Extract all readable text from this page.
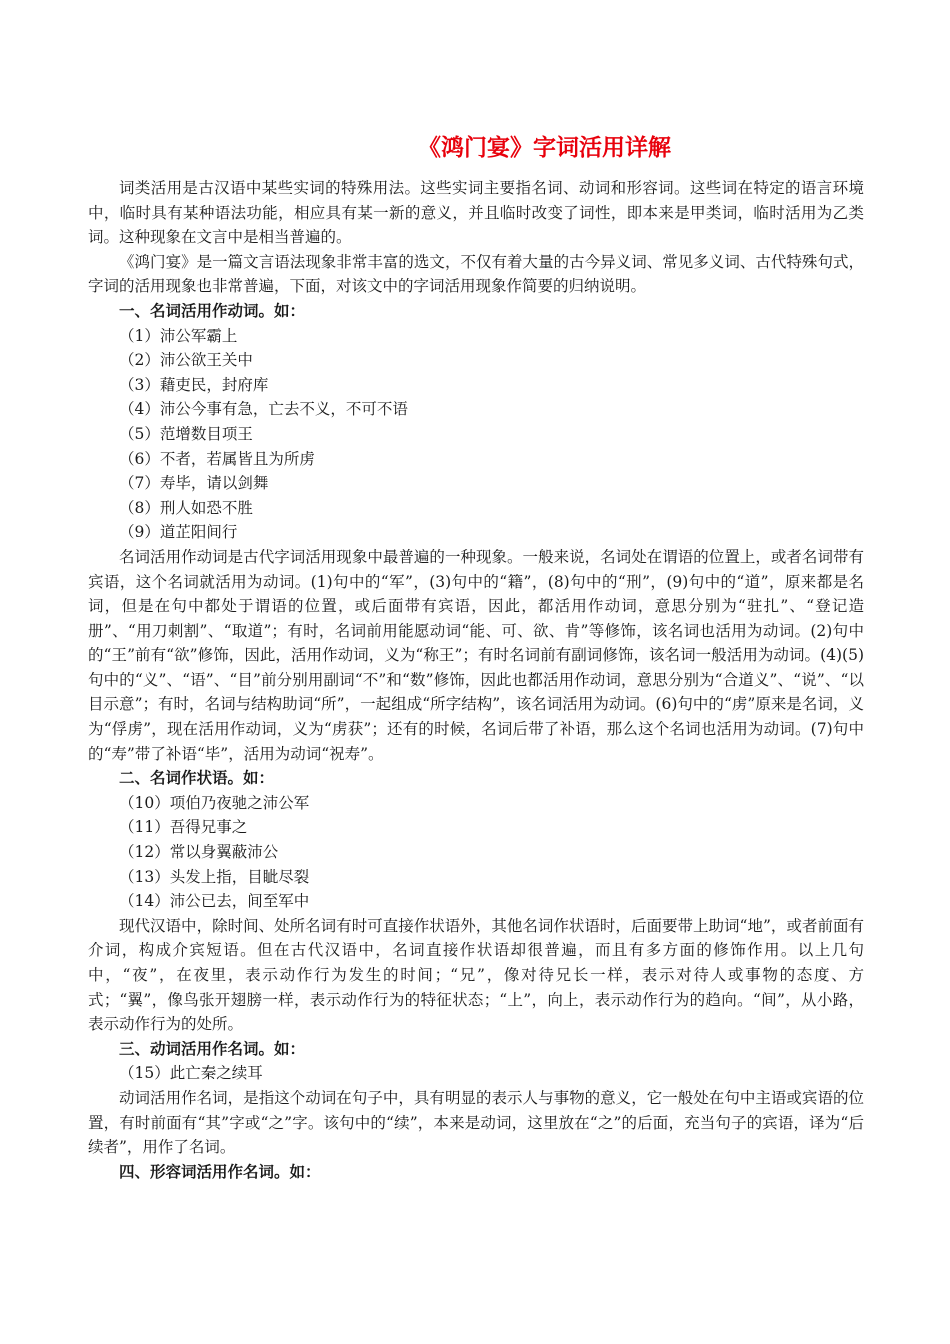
《鸿门宴》字词活用详解

词类活用是古汉语中某些实词的特殊用法。这些实词主要指名词、动词和形容词。这些词在特定的语言环境中，临时具有某种语法功能，相应具有某一新的意义，并且临时改变了词性，即本来是甲类词，临时活用为乙类词。这种现象在文言中是相当普遍的。

《鸿门宴》是一篇文言语法现象非常丰富的选文，不仅有着大量的古今异义词、常见多义词、古代特殊句式，字词的活用现象也非常普遍，下面，对该文中的字词活用现象作简要的归纳说明。

一、名词活用作动词。如：

（1）沛公军霸上

（2）沛公欲王关中

（3）藉吏民，封府库

（4）沛公今事有急，亡去不义，不可不语

（5）范增数目项王

（6）不者，若属皆且为所虏

（7）寿毕，请以剑舞

（8）刑人如恐不胜

（9）道芷阳间行

名词活用作动词是古代字词活用现象中最普遍的一种现象。一般来说，名词处在谓语的位置上，或者名词带有宾语，这个名词就活用为动词。(1)句中的“军”，(3)句中的“籍”，(8)句中的“刑”，(9)句中的“道”，原来都是名词，但是在句中都处于谓语的位置，或后面带有宾语，因此，都活用作动词，意思分别为“驻扎”、“登记造册”、“用刀刺割”、“取道”；有时，名词前用能愿动词“能、可、欲、肯”等修饰，该名词也活用为动词。(2)句中的“王”前有“欲”修饰，因此，活用作动词，义为“称王”；有时名词前有副词修饰，该名词一般活用为动词。(4)(5)句中的“义”、“语”、“目”前分别用副词“不”和“数”修饰，因此也都活用作动词，意思分别为“合道义”、“说”、“以目示意”；有时，名词与结构助词“所”，一起组成“所字结构”，该名词活用为动词。(6)句中的“虏”原来是名词，义为“俘虏”，现在活用作动词，义为“虏获”；还有的时候，名词后带了补语，那么这个名词也活用为动词。(7)句中的“寿”带了补语“毕”，活用为动词“祝寿”。

二、名词作状语。如：

（10）项伯乃夜驰之沛公军

（11）吾得兄事之

（12）常以身翼蔽沛公

（13）头发上指，目眦尽裂

（14）沛公已去，间至军中

现代汉语中，除时间、处所名词有时可直接作状语外，其他名词作状语时，后面要带上助词“地”，或者前面有介词，构成介宾短语。但在古代汉语中，名词直接作状语却很普遍，而且有多方面的修饰作用。以上几句中，“夜”，在夜里，表示动作行为发生的时间；“兄”，像对待兄长一样，表示对待人或事物的态度、方式；“翼”，像鸟张开翅膀一样，表示动作行为的特征状态；“上”，向上，表示动作行为的趋向。“间”，从小路，表示动作行为的处所。

三、动词活用作名词。如：

（15）此亡秦之续耳

动词活用作名词，是指这个动词在句子中，具有明显的表示人与事物的意义，它一般处在句中主语或宾语的位置，有时前面有“其”字或“之”字。该句中的“续”，本来是动词，这里放在“之”的后面，充当句子的宾语，译为“后续者”，用作了名词。

四、形容词活用作名词。如：
